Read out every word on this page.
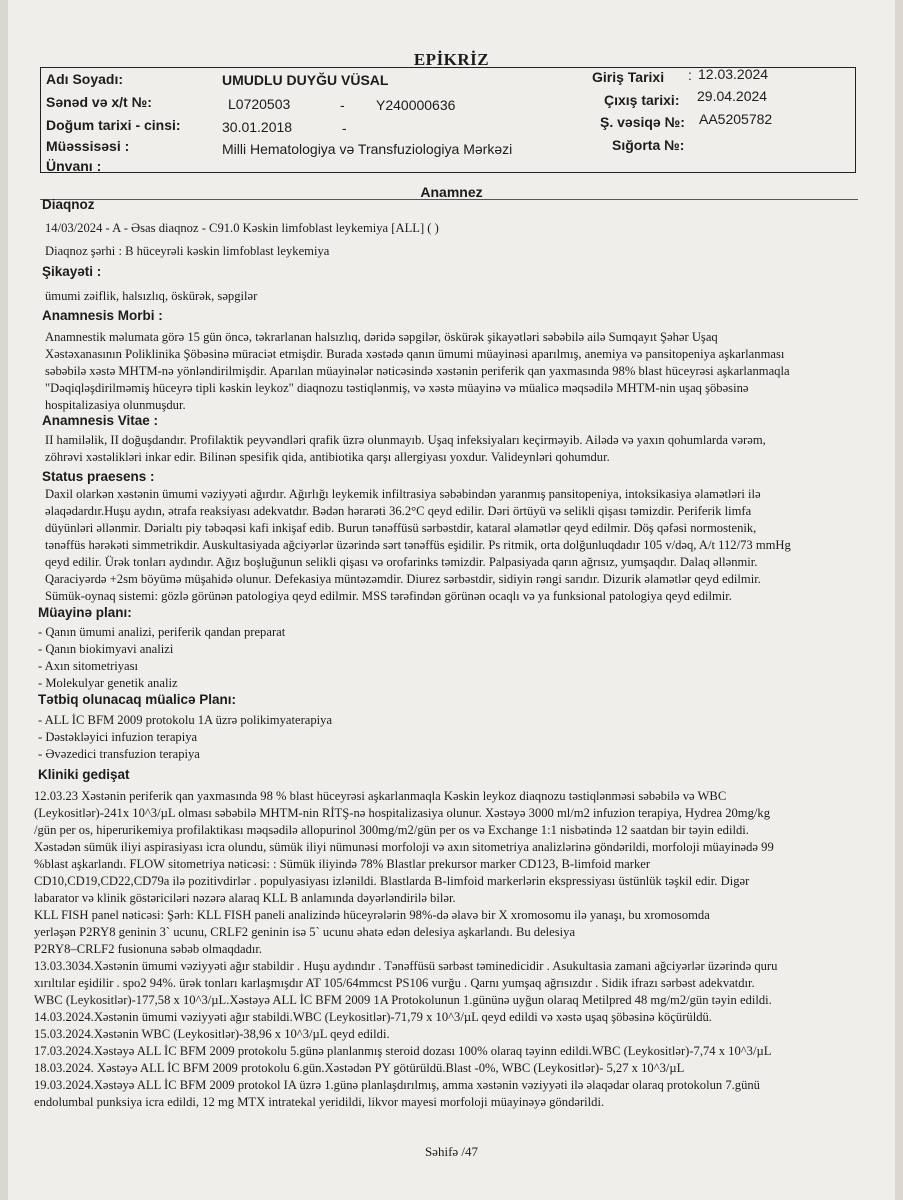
EPİKRİZ
Adı Soyadı:	UMUDLU DUYĞU VÜSAL
Sənəd və x/t №:	L0720503	- Y240000636
Doğum tarixi - cinsi:	30.01.2018	-
Müəssisəsi :	Milli Hematologiya və Transfuziologiya Mərkəzi
Ünvanı :
Giriş Tarixi : 12.03.2024
Çıxış tarixi: 29.04.2024
Ş. vəsiqə №: AA5205782
Sığorta №:
Anamnez
Diaqnoz
14/03/2024 - A - Əsas diaqnoz - C91.0 Kəskin limfoblast leykemiya [ALL] ( )
Diaqnoz şərhi : B hüceyrəli kəskin limfoblast leykemiya
Şikayəti :
ümumi zəiflik, halsızlıq, öskürək, səpgilər
Anamnesis Morbi :
Anamnestik məlumata görə 15 gün öncə, təkrarlanan halsızlıq, dəridə səpgilər, öskürək şikayətləri səbəbilə ailə Sumqayıt Şəhər Uşaq
Xəstəxanasının Poliklinika Şöbəsinə müraciət etmişdir. Burada xəstədə qanın ümumi müayinəsi aparılmış, anemiya və pansitopeniya aşkarlanması
səbəbilə xəstə MHTM-nə yönləndirilmişdir. Aparılan müayinələr nəticəsində xəstənin periferik qan yaxmasında 98% blast hüceyrəsi aşkarlanmaqla
"Dəqiqləşdirilməmiş hüceyrə tipli kəskin leykoz" diaqnozu təstiqlənmiş, və xəstə müayinə və müalicə məqsədilə MHTM-nin uşaq şöbəsinə
hospitalizasiya olunmuşdur.
Anamnesis Vitae :
II hamiləlik, II doğuşdandır. Profilaktik peyvəndləri qrafik üzrə olunmayıb. Uşaq infeksiyaları keçirməyib. Ailədə və yaxın qohumlarda vərəm,
zöhrəvi xəstəlikləri inkar edir. Bilinən spesifik qida, antibiotika qarşı allergiyası yoxdur. Valideynləri qohumdur.
Status praesens :
Daxil olarkən xəstənin ümumi vəziyyəti ağırdır. Ağırlığı leykemik infiltrasiya səbəbindən yaranmış pansitopeniya, intoksikasiya əlamətləri ilə
əlaqədardır.Huşu aydın, ətrafa reaksiyası adekvatdır. Bədən hərarəti 36.2°C qeyd edilir. Dəri örtüyü və selikli qişası təmizdir. Periferik limfa
düyünləri əllənmir. Dərialtı piy təbəqəsi kafi inkişaf edib. Burun tənəffüsü sərbəstdir, kataral əlamətlər qeyd edilmir. Döş qəfəsi normostenik,
tənəffüs hərəkəti simmetrikdir. Auskultasiyada ağciyərlər üzərində sərt tənəffüs eşidilir. Ps ritmik, orta dolğunluqdadır 105 v/dəq, A/t 112/73 mmHg
qeyd edilir. Ürək tonları aydındır. Ağız boşluğunun selikli qişası və orofarinks təmizdir. Palpasiyada qarın ağrısız, yumşaqdır. Dalaq əllənmir.
Qaraciyərdə +2sm böyümə müşahidə olunur. Defekasiya müntəzəmdir. Diurez sərbəstdir, sidiyin rəngi sarıdır. Dizurik əlamətlər qeyd edilmir.
Sümük-oynaq sistemi: gözlə görünən patologiya qeyd edilmir. MSS tərəfindən görünən ocaqlı və ya funksional patologiya qeyd edilmir.
Müayinə planı:
- Qanın ümumi analizi, periferik qandan preparat
- Qanın biokimyavi analizi
- Axın sitometriyası
- Molekulyar genetik analiz
Tətbiq olunacaq müalicə Planı:
- ALL İC BFM 2009 protokolu 1A üzrə polikimyaterapiya
- Dəstəkləyici infuzion terapiya
- Əvəzedici transfuzion terapiya
Kliniki gedişat
12.03.23 Xəstənin periferik qan yaxmasında 98 % blast hüceyrəsi aşkarlanmaqla Kəskin leykoz diaqnozu təstiqlənməsi səbəbilə və WBC
(Leykositlər)-241x 10^3/µL olması səbəbilə MHTM-nin RİTŞ-nə hospitalizasiya olunur. Xəstəyə 3000 ml/m2 infuzion terapiya, Hydrea 20mg/kg
/gün per os, hiperurikemiya profilaktikası məqsədilə allopurinol 300mg/m2/gün per os və Exchange 1:1 nisbətində 12 saatdan bir təyin edildi.
Xəstədən sümük iliyi aspirasiyası icra olundu, sümük iliyi nümunəsi morfoloji və axın sitometriya analizlərinə göndərildi, morfoloji müayinədə 99
%blast aşkarlandı. FLOW sitometriya nəticəsi: : Sümük iliyində 78% Blastlar prekursor marker CD123, B-limfoid marker
CD10,CD19,CD22,CD79a ilə pozitivdirlər . populyasiyası izlənildi. Blastlarda B-limfoid markerlərin ekspressiyası üstünlük təşkil edir. Digər
labarator və klinik göstəriciləri nəzərə alaraq KLL B anlamında dəyərləndirilə bilər.
KLL FISH panel nəticəsi: Şərh: KLL FISH paneli analizində hüceyrələrin 98%-də əlavə bir X xromosomu ilə yanaşı, bu xromosomda
yerləşən P2RY8 geninin 3` ucunu, CRLF2 geninin isə 5` ucunu əhatə edən delesiya aşkarlandı. Bu delesiya
P2RY8–CRLF2 fusionuna səbəb olmaqdadır.
13.03.3034.Xəstənin ümumi vəziyyəti ağır stabildir . Huşu aydındır . Tənəffüsü sərbəst təminedicidir . Asukultasia zamani ağciyərlər üzərində quru
xırıltılar eşidilir . spo2 94%. ürək tonları karlaşmışdır AT 105/64mmcst PS106 vurğu . Qarnı yumşaq ağrısızdır . Sidik ifrazı sərbəst adekvatdır.
WBC (Leykositlər)-177,58 x 10^3/µL.Xəstəyə ALL İC BFM 2009 1A Protokolunun 1.gününə uyğun olaraq Metilpred 48 mg/m2/gün təyin edildi.
14.03.2024.Xəstənin ümumi vəziyyəti ağır stabildi.WBC (Leykositlər)-71,79 x 10^3/µL qeyd edildi və xəstə uşaq şöbəsinə köçürüldü.
15.03.2024.Xəstənin WBC (Leykositlər)-38,96 x 10^3/µL qeyd edildi.
17.03.2024.Xəstəyə ALL İC BFM 2009 protokolu 5.günə planlanmış steroid dozası 100% olaraq təyinn edildi.WBC (Leykositlər)-7,74 x 10^3/µL
18.03.2024. Xəstəyə ALL İC BFM 2009 protokolu 6.gün.Xəstədən PY götürüldü.Blast -0%, WBC (Leykositlər)- 5,27 x 10^3/µL
19.03.2024.Xəstəyə ALL İC BFM 2009 protokol IA üzrə 1.günə planlaşdırılmış, amma xəstənin vəziyyəti ilə əlaqədar olaraq protokolun 7.günü
endolumbal punksiya icra edildi, 12 mg MTX intratekal yeridildi, likvor mayesi morfoloji müayinəyə göndərildi.
Səhifə /47
